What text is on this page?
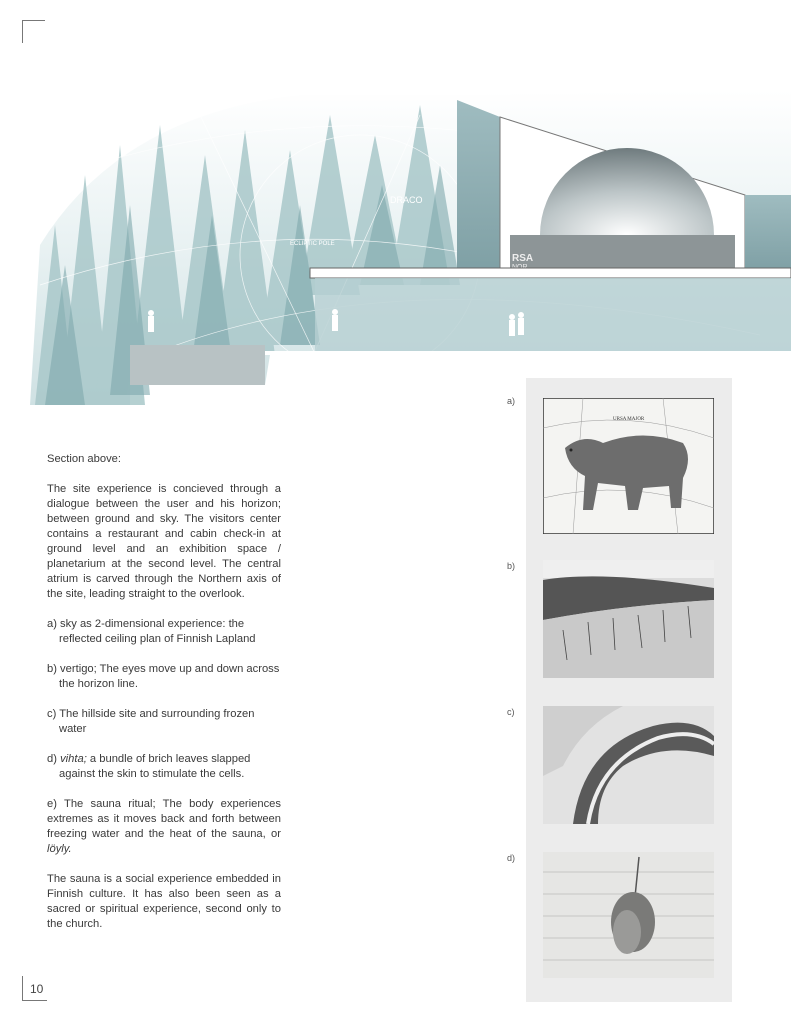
RSA
DRACO
ECLIPTIC POLE

Section above:

The site experience is concieved through a dialogue between the user and his horizon; between ground and sky. The visitors center contains a restaurant and cabin check-in at ground level and an exhibition space / planetarium at the second level. The central atrium is carved through the Northern axis of the site, leading straight to the overlook.

a) sky as 2-dimensional experience: the reflected ceiling plan of Finnish Lapland

b) vertigo; The eyes move up and down across the horizon line.

c) The hillside site and surrounding frozen water

d) vihta; a bundle of brich leaves slapped against the skin to stimulate the cells.

e) The sauna ritual; The body experiences extremes as it moves back and forth between freezing water and the heat of the sauna, or löyly.

The sauna is a social experience embedded in Finnish culture. It has also been seen as a sacred or spiritual experience, second only to the church.

a)
URSA MAJOR
b)
c)
d)
10
